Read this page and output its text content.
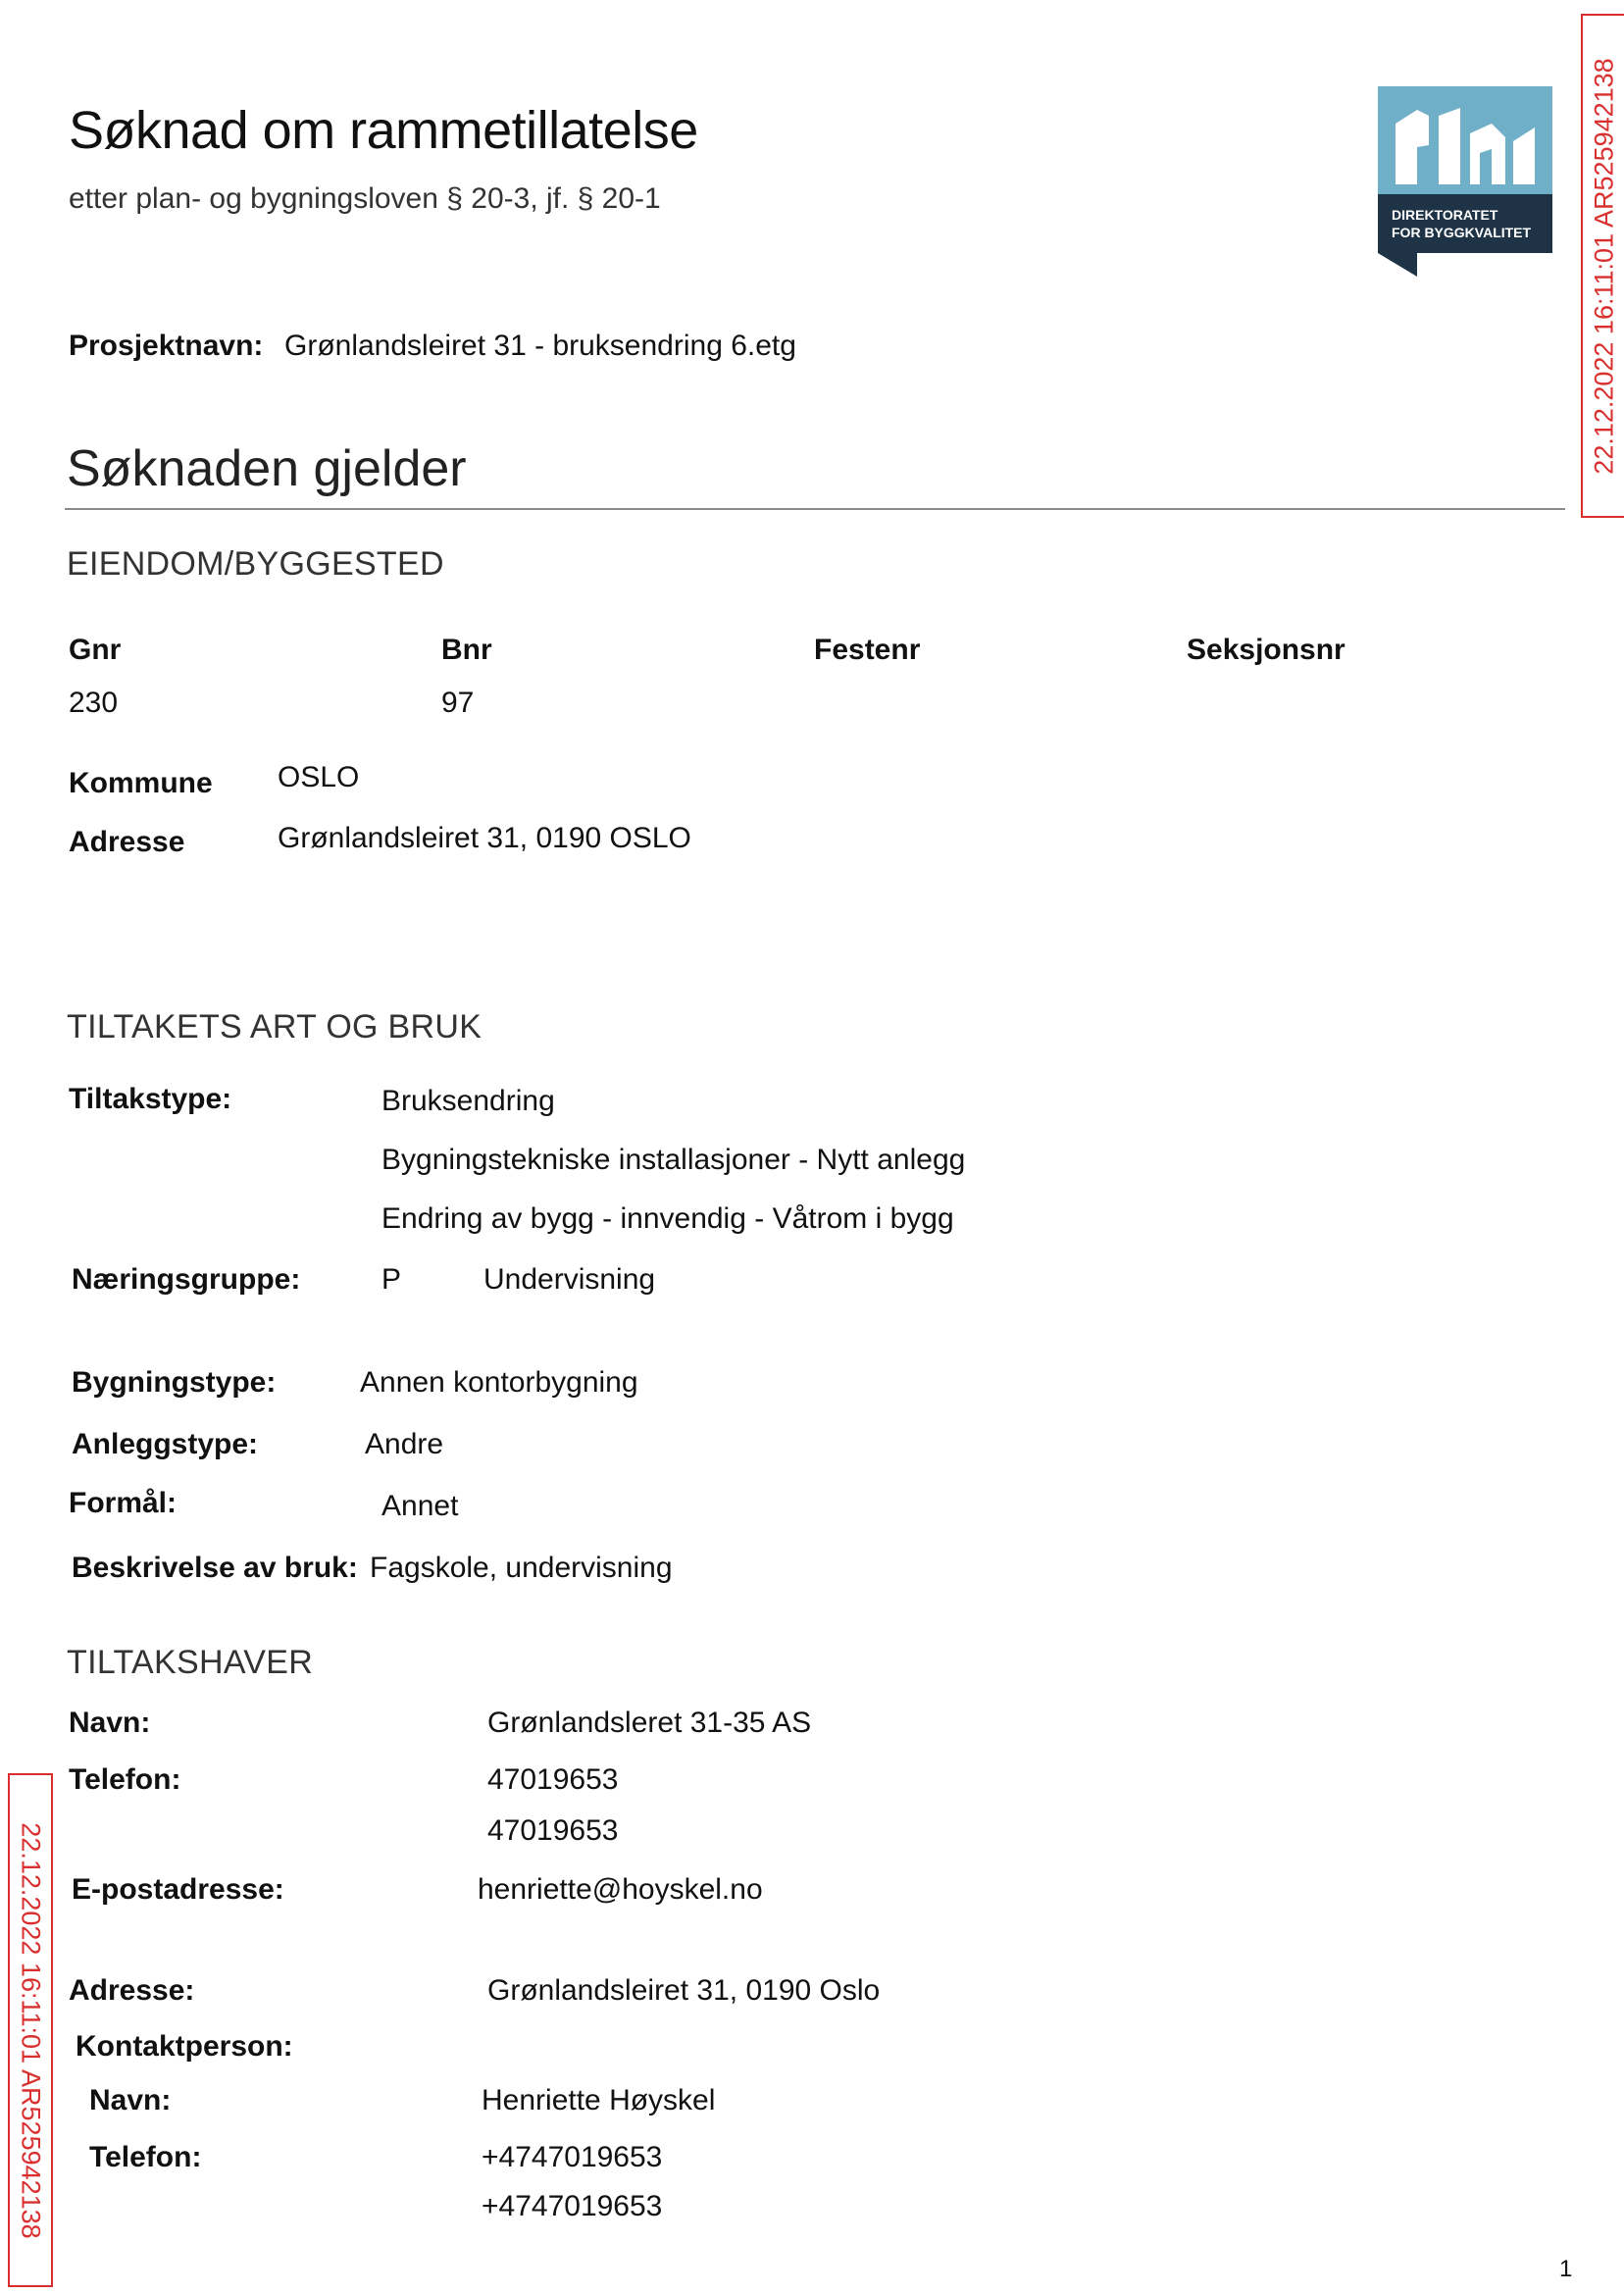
Søknad om rammetillatelse
etter plan- og bygningsloven § 20-3, jf. § 20-1
Prosjektnavn: Grønlandsleiret 31 - bruksendring 6.etg
DIREKTORATET
FOR BYGGKVALITET 22.12.2022 16:11:01 AR525942138
22.12.2022 16:11:01 AR525942138
Søknaden gjelder
EIENDOM/BYGGESTED
Gnr	Bnr	Festenr	Seksjonsnr
230	97
Kommune OSLO
Adresse	Grønlandsleiret 31, 0190 OSLO
TILTAKETS ART OG BRUK
Tiltakstype:	Bruksendring
Bygningstekniske installasjoner - Nytt anlegg
Endring av bygg - innvendig - Våtrom i bygg
Næringsgruppe:	P	Undervisning
Bygningstype:	Annen kontorbygning
Anleggstype:	Andre
Formål:	Annet
Beskrivelse av bruk: Fagskole, undervisning
TILTAKSHAVER
Navn:	Grønlandsleret 31-35 AS
Telefon:	47019653
47019653
E-postadresse:	henriette@hoyskel.no
Adresse:	Grønlandsleiret 31, 0190 Oslo
Kontaktperson:
Navn:	Henriette Høyskel
Telefon:	+4747019653
+4747019653
1
